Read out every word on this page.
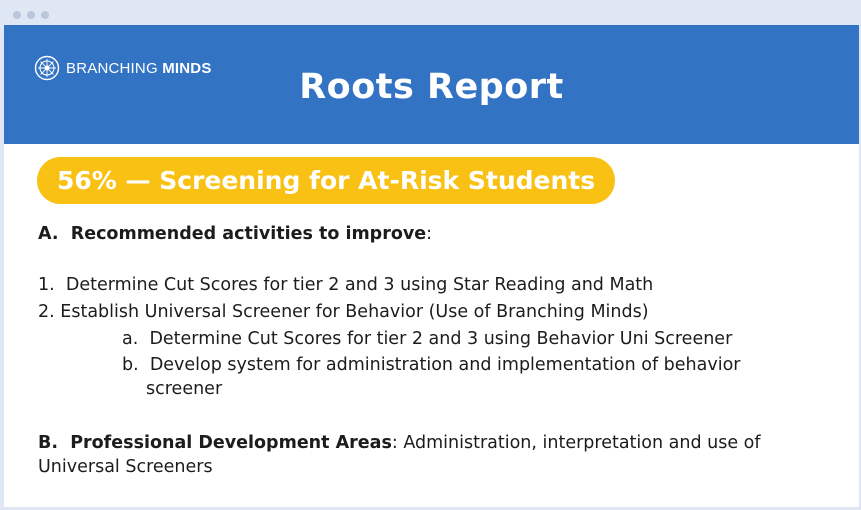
BRANCHING MINDS	Roots Report
56% — Screening for At-Risk Students
A. Recommended activities to improve:
1. Determine Cut Scores for tier 2 and 3 using Star Reading and Math
2. Establish Universal Screener for Behavior (Use of Branching Minds)
a. Determine Cut Scores for tier 2 and 3 using Behavior Uni Screener
b. Develop system for administration and implementation of behavior
screener
B. Professional Development Areas: Administration, interpretation and use of
Universal Screeners
